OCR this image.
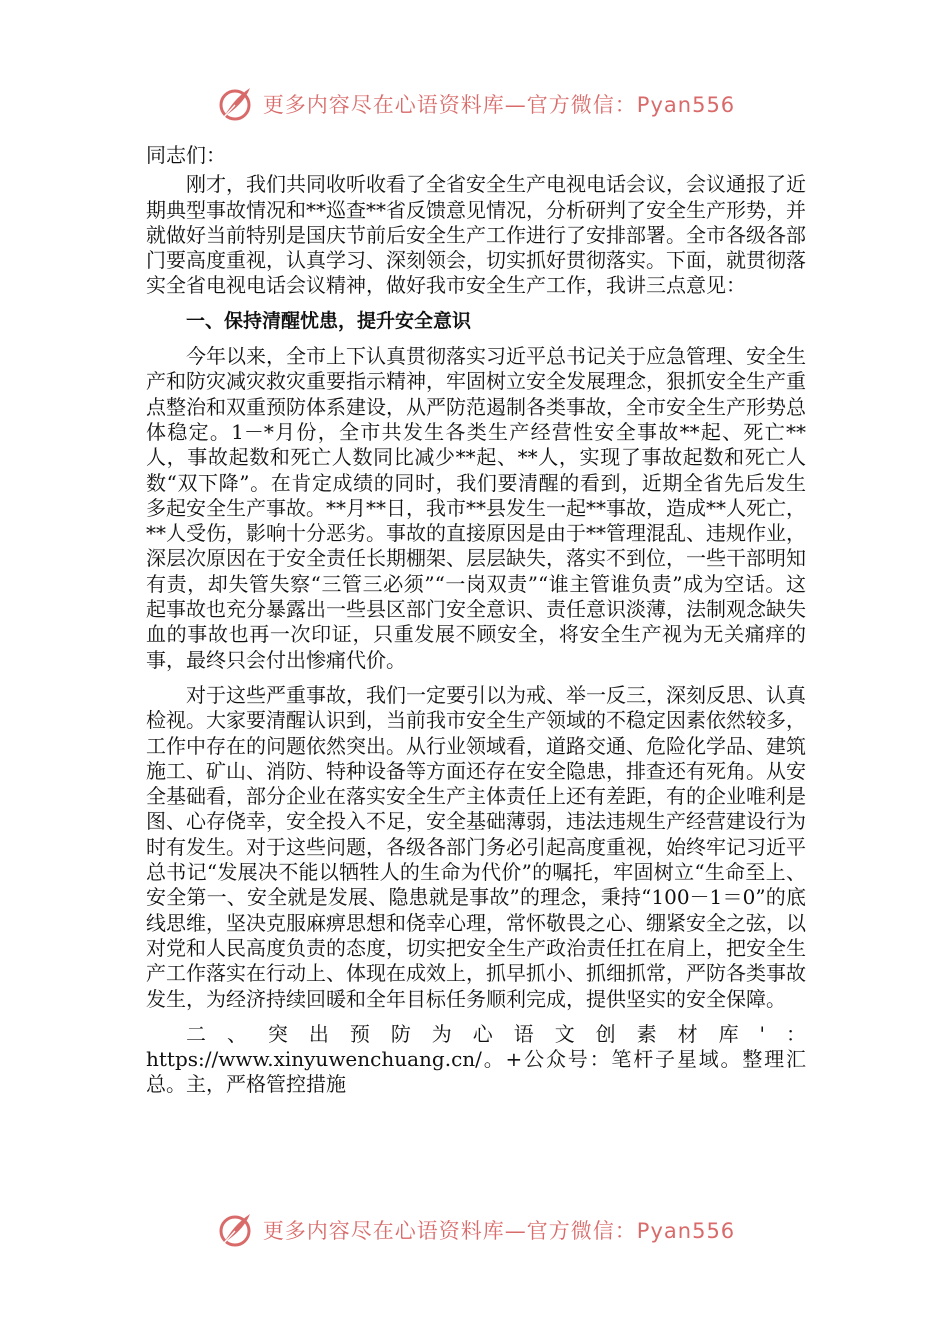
更多内容尽在心语资料库—官方微信：Pyan556

同志们：

刚才，我们共同收听收看了全省安全生产电视电话会议，会议通报了近期典型事故情况和**巡查**省反馈意见情况，分析研判了安全生产形势，并就做好当前特别是国庆节前后安全生产工作进行了安排部署。全市各级各部门要高度重视，认真学习、深刻领会，切实抓好贯彻落实。下面，就贯彻落实全省电视电话会议精神，做好我市安全生产工作，我讲三点意见：

一、保持清醒忧患，提升安全意识

今年以来，全市上下认真贯彻落实习近平总书记关于应急管理、安全生产和防灾减灾救灾重要指示精神，牢固树立安全发展理念，狠抓安全生产重点整治和双重预防体系建设，从严防范遏制各类事故，全市安全生产形势总体稳定。1－*月份，全市共发生各类生产经营性安全事故**起、死亡**人，事故起数和死亡人数同比减少**起、**人，实现了事故起数和死亡人数“双下降”。在肯定成绩的同时，我们要清醒的看到，近期全省先后发生多起安全生产事故。**月**日，我市**县发生一起**事故，造成**人死亡，**人受伤，影响十分恶劣。事故的直接原因是由于**管理混乱、违规作业，深层次原因在于安全责任长期棚架、层层缺失，落实不到位，一些干部明知有责，却失管失察“三管三必须”“一岗双责”“谁主管谁负责”成为空话。这起事故也充分暴露出一些县区部门安全意识、责任意识淡薄，法制观念缺失血的事故也再一次印证，只重发展不顾安全，将安全生产视为无关痛痒的事，最终只会付出惨痛代价。

对于这些严重事故，我们一定要引以为戒、举一反三，深刻反思、认真检视。大家要清醒认识到，当前我市安全生产领域的不稳定因素依然较多，工作中存在的问题依然突出。从行业领域看，道路交通、危险化学品、建筑施工、矿山、消防、特种设备等方面还存在安全隐患，排查还有死角。从安全基础看，部分企业在落实安全生产主体责任上还有差距，有的企业唯利是图、心存侥幸，安全投入不足，安全基础薄弱，违法违规生产经营建设行为时有发生。对于这些问题，各级各部门务必引起高度重视，始终牢记习近平总书记“发展决不能以牺牲人的生命为代价”的嘱托，牢固树立“生命至上、安全第一、安全就是发展、隐患就是事故”的理念，秉持“100－1＝0”的底线思维，坚决克服麻痹思想和侥幸心理，常怀敬畏之心、绷紧安全之弦，以对党和人民高度负责的态度，切实把安全生产政治责任扛在肩上，把安全生产工作落实在行动上、体现在成效上，抓早抓小、抓细抓常，严防各类事故发生，为经济持续回暖和全年目标任务顺利完成，提供坚实的安全保障。

二、突出预防为心语文创素材库'：https://www.xinyuwenchuang.cn/。+公众号：笔杆子星域。整理汇总。主，严格管控措施

更多内容尽在心语资料库—官方微信：Pyan556
